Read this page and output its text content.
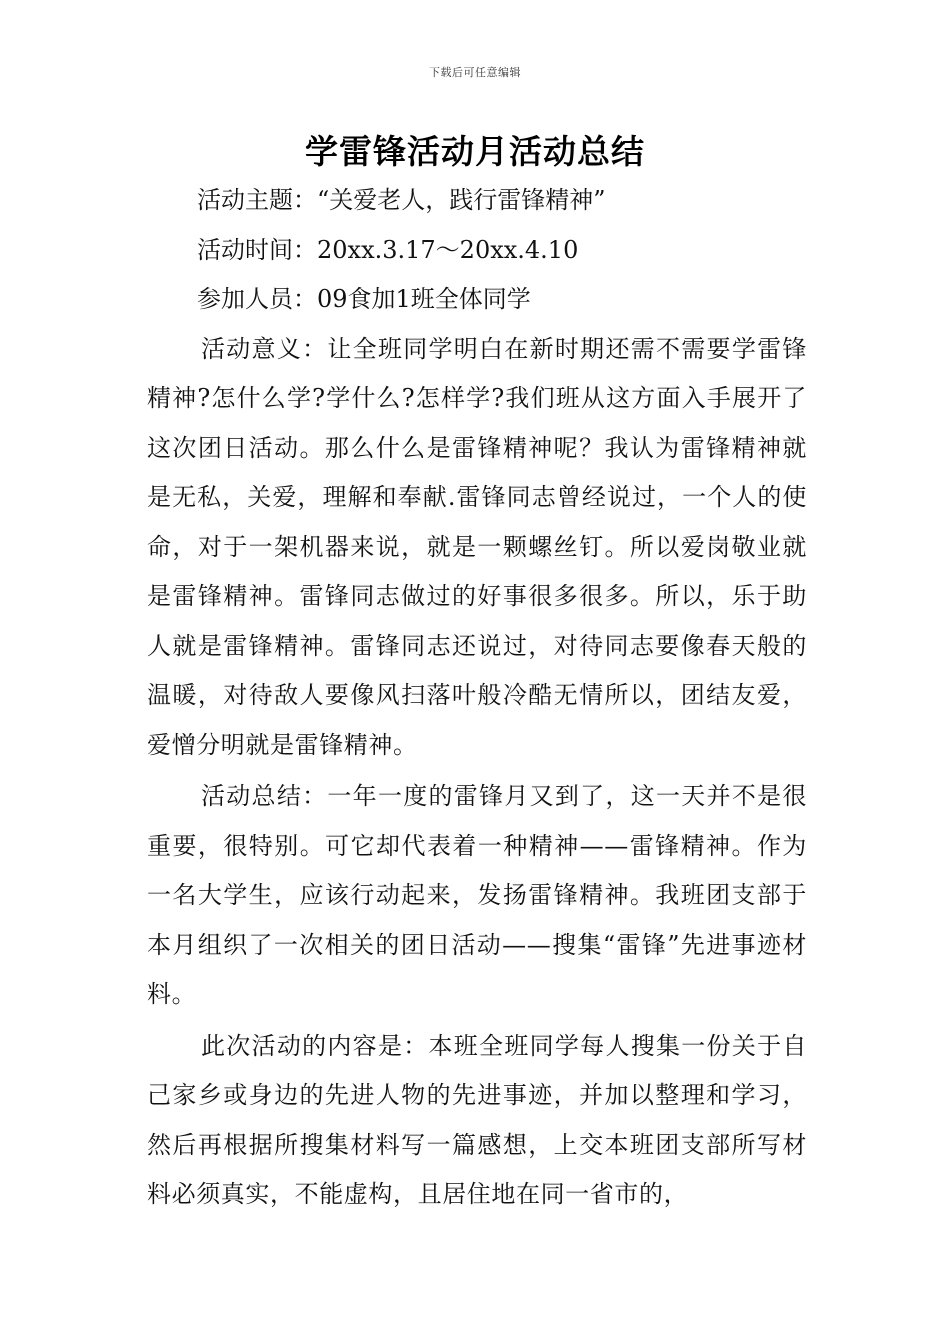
下载后可任意编辑
学雷锋活动月活动总结
活动主题：“关爱老人，践行雷锋精神”
活动时间：20xx.3.17～20xx.4.10
参加人员：09食加1班全体同学

活动意义：让全班同学明白在新时期还需不需要学雷锋精神?怎什么学?学什么?怎样学?我们班从这方面入手展开了这次团日活动。那么什么是雷锋精神呢？我认为雷锋精神就是无私，关爱，理解和奉献.雷锋同志曾经说过，一个人的使命，对于一架机器来说，就是一颗螺丝钉。所以爱岗敬业就是雷锋精神。雷锋同志做过的好事很多很多。所以，乐于助人就是雷锋精神。雷锋同志还说过，对待同志要像春天般的温暖，对待敌人要像风扫落叶般冷酷无情所以，团结友爱，爱憎分明就是雷锋精神。

活动总结：一年一度的雷锋月又到了，这一天并不是很重要，很特别。可它却代表着一种精神——雷锋精神。作为一名大学生，应该行动起来，发扬雷锋精神。我班团支部于本月组织了一次相关的团日活动——搜集“雷锋”先进事迹材料。

此次活动的内容是：本班全班同学每人搜集一份关于自己家乡或身边的先进人物的先进事迹，并加以整理和学习，然后再根据所搜集材料写一篇感想，上交本班团支部所写材料必须真实，不能虚构，且居住地在同一省市的，
